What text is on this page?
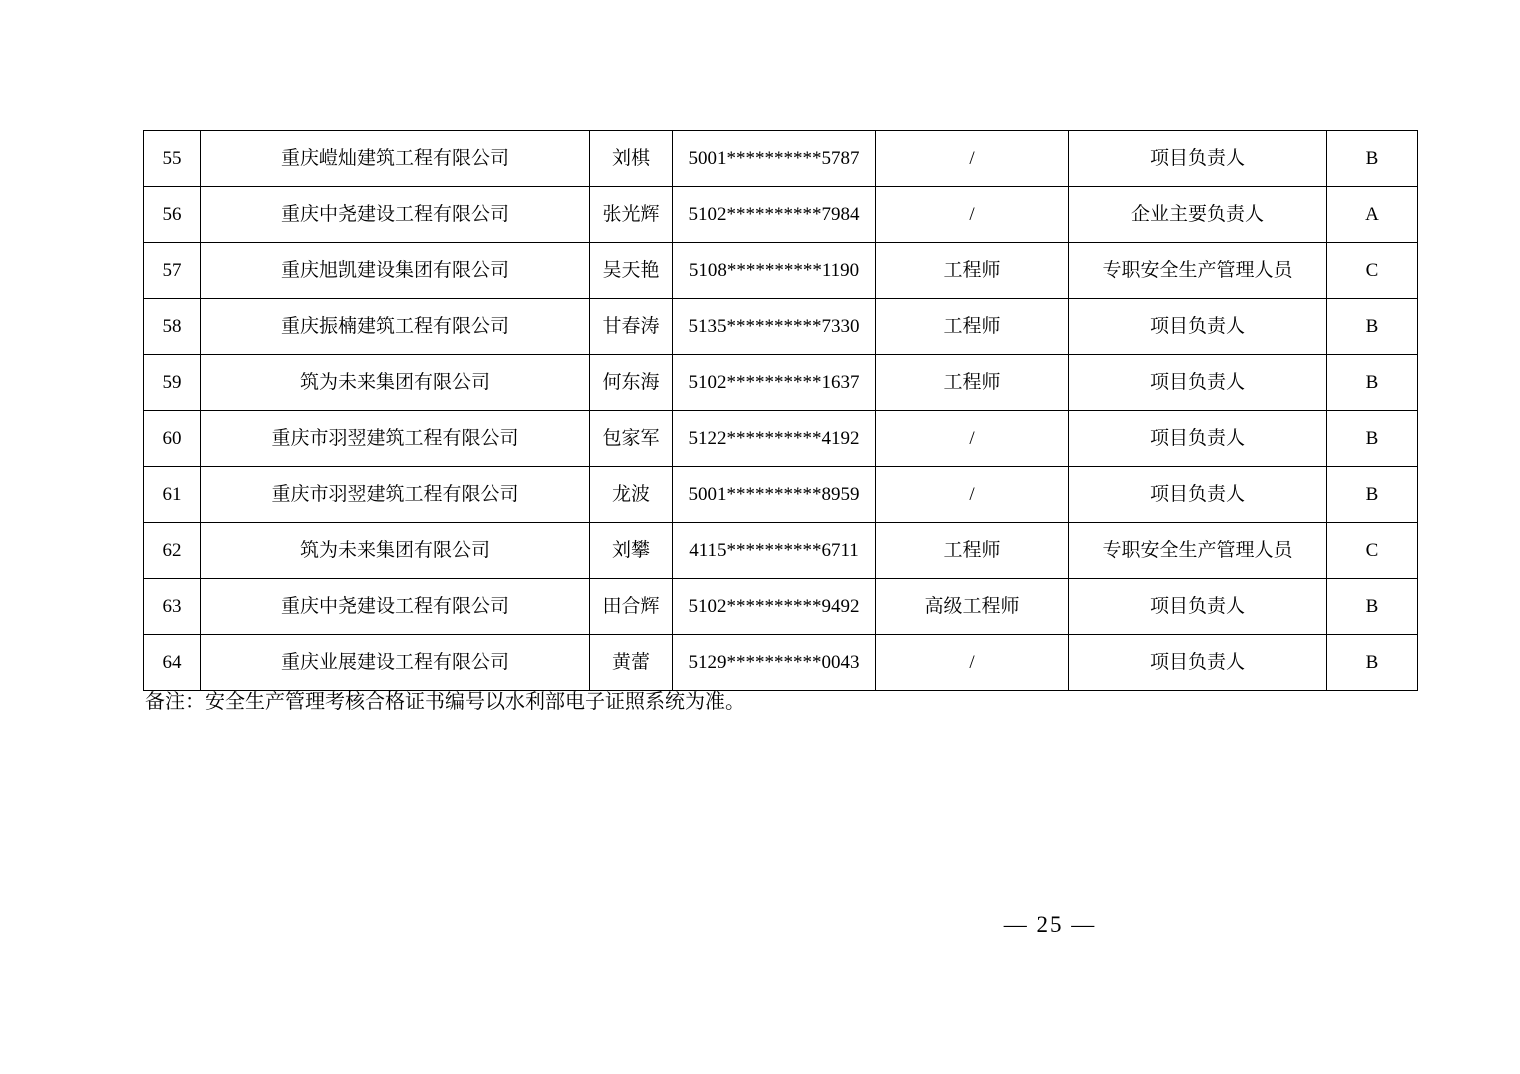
55	重庆嵦灿建筑工程有限公司	刘棋	5001**********5787	/	项目负责人	B
56	重庆中尧建设工程有限公司	张光辉	5102**********7984	/	企业主要负责人	A
57	重庆旭凯建设集团有限公司	吴天艳	5108**********1190	工程师	专职安全生产管理人员	C
58	重庆振楠建筑工程有限公司	甘春涛	5135**********7330	工程师	项目负责人	B
59	筑为未来集团有限公司	何东海	5102**********1637	工程师	项目负责人	B
60	重庆市羽翌建筑工程有限公司	包家军	5122**********4192	/	项目负责人	B
61	重庆市羽翌建筑工程有限公司	龙波	5001**********8959	/	项目负责人	B
62	筑为未来集团有限公司	刘攀	4115**********6711	工程师	专职安全生产管理人员	C
63	重庆中尧建设工程有限公司	田合辉	5102**********9492	高级工程师	项目负责人	B
64	重庆业展建设工程有限公司	黄蕾	5129**********0043	/	项目负责人	B
备注：安全生产管理考核合格证书编号以水利部电子证照系统为准。
— 25 —
